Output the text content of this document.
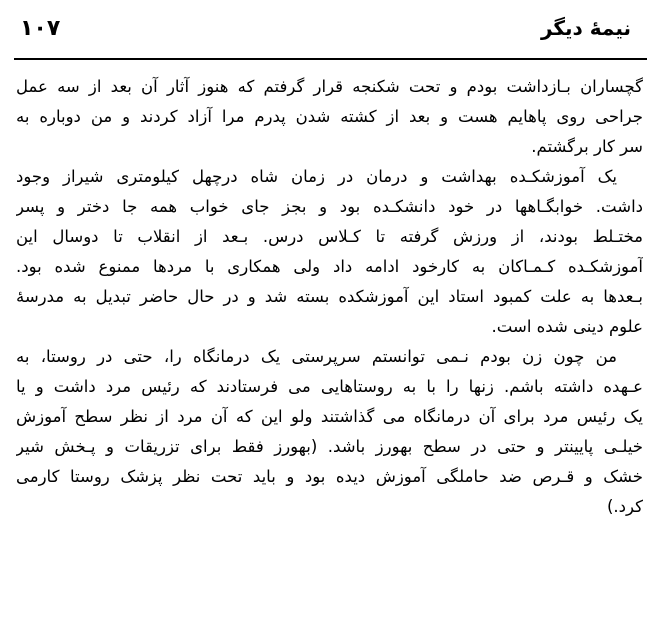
۱۰۷	نیمهٔ دیگر
گچساران بـازداشت بودم و تحت شکنجه قرار گرفتم که هنوز آثار آن بعد از سه عمل
جراحی روی پاهایم هست و بعد از کشته شدن پدرم مرا آزاد کردند و من دوباره به
سر کار برگشتم.
یک آموزشکـده بهداشت و درمان در زمان شاه درچهل کیلومتری شیراز وجود
داشت. خوابگـاهها در خود دانشکـده بود و بجز جای خواب همه جا دختر و پسر
مختـلط بودند، از ورزش گرفته تا کـلاس درس. بـعد از انقلاب تا دوسال این
آموزشکـده کـمـاکان به کارخود ادامه داد ولی همکاری با مردها ممنوع شده بود.
بـعدها به علت کمبود استاد این آموزشکده بسته شد و در حال حاضر تبدیل به مدرسهٔ
علوم دینی شده است.
من چون زن بودم نـمی توانستم سرپرستی یک درمانگاه را، حتی در روستا، به
عـهده داشته باشم. زنها را با به روستاهایی می فرستادند که رئیس مرد داشت و یا
یک رئیس مرد برای آن درمانگاه می گذاشتند ولو این که آن مرد از نظر سطح آموزش
خیلـی پایینتر و حتی در سطح بهورز باشد. (بهورز فقط برای تزریقات و پـخش شیر
خشک و قـرص ضد حاملگی آموزش دیده بود و باید تحت نظر پزشک روستا کارمی
کرد.)
